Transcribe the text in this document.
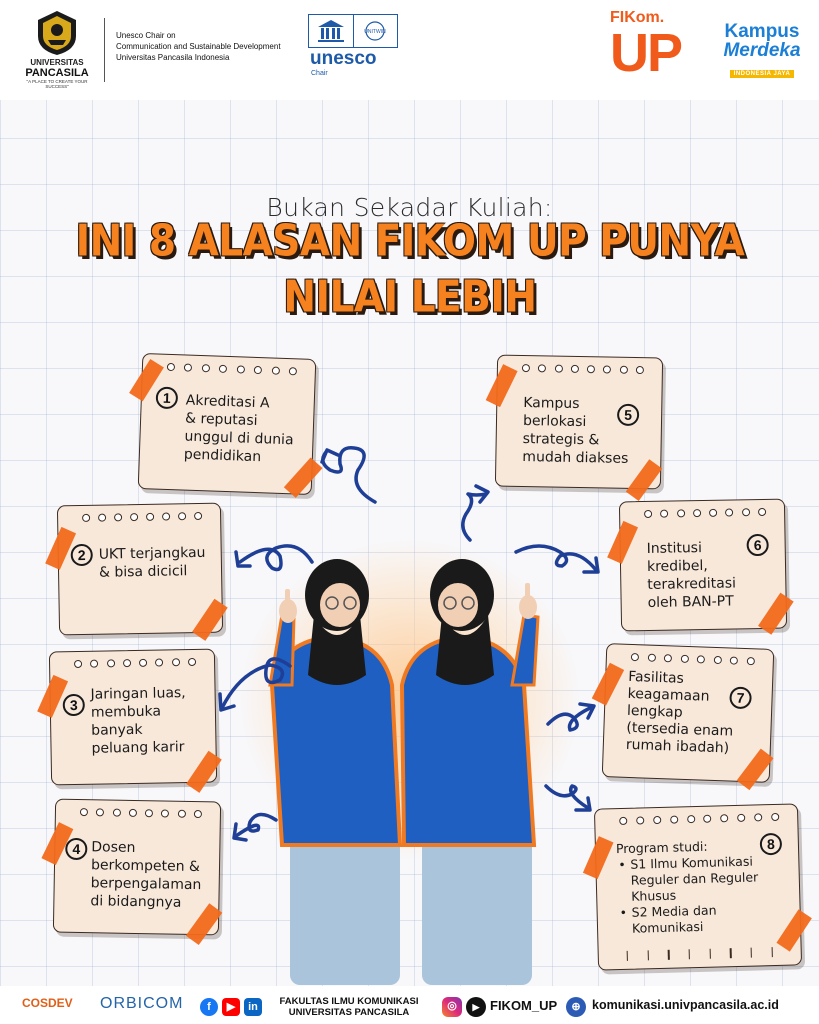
UNIVERSITAS
PANCASILA
"A PLACE TO CREATE YOUR SUCCESS"
Unesco Chair on
Communication and Sustainable Development
Universitas Pancasila Indonesia
UNITWIN
unesco
Chair
FIKom.
UP	Kampus
Merdeka
INDONESIA JAYA
Bukan Sekadar Kuliah:
INI 8 ALASAN FIKOM UP PUNYA
NILAI LEBIH
1	Akreditasi A
& reputasi
unggul di dunia
pendidikan
2 UKT terjangkau
& bisa dicicil
3
Jaringan luas,
membuka
banyak
peluang karir
4 Dosen
berkompeten &
berpengalaman
di bidangnya
Kampus
berlokasi
strategis &
mudah diakses
5
Institusi
kredibel,
terakreditasi
oleh BAN-PT
6
Fasilitas
keagamaan
lengkap
(tersedia enam
rumah ibadah)
7
Program studi:
• S1 Ilmu Komunikasi Reguler dan Reguler Khusus
• S2 Media dan Komunikasi
8
COSDEV ORBICOM	f	▶	in	FAKULTAS ILMU KOMUNIKASI
UNIVERSITAS PANCASILA
◎	▶ FIKOM_UP	⊕ komunikasi.univpancasila.ac.id
